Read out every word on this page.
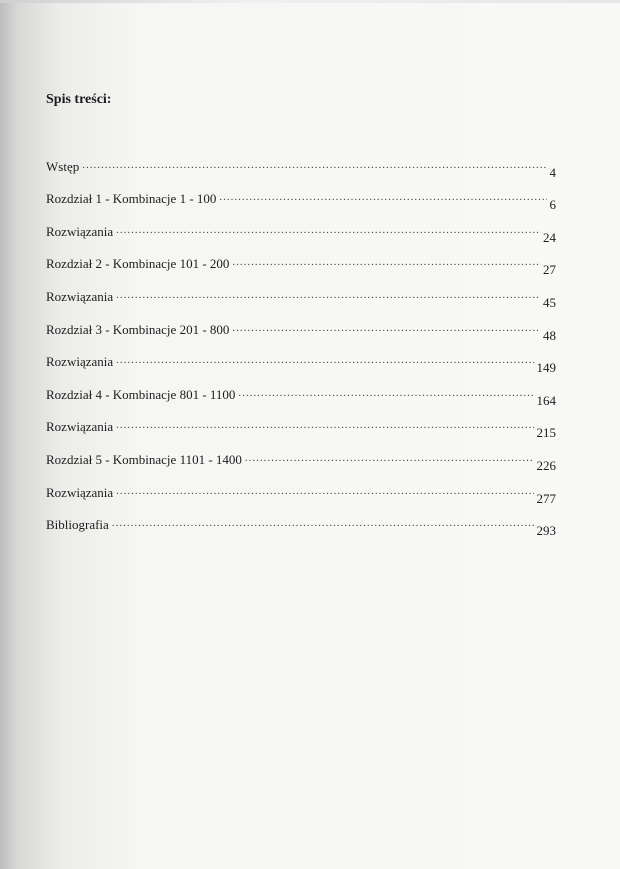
Spis treści:
Wstęp .....	4
Rozdział 1 - Kombinacje 1 - 100 .....	6
Rozwiązania .....	24
Rozdział 2 - Kombinacje 101 - 200 .....	27
Rozwiązania .....	45
Rozdział 3 - Kombinacje 201 - 800 .....	48
Rozwiązania .....	149
Rozdział 4 - Kombinacje 801 - 1100 .....	164
Rozwiązania .....	215
Rozdział 5 - Kombinacje 1101 - 1400 .....	226
Rozwiązania .....	277
Bibliografia .....	293
